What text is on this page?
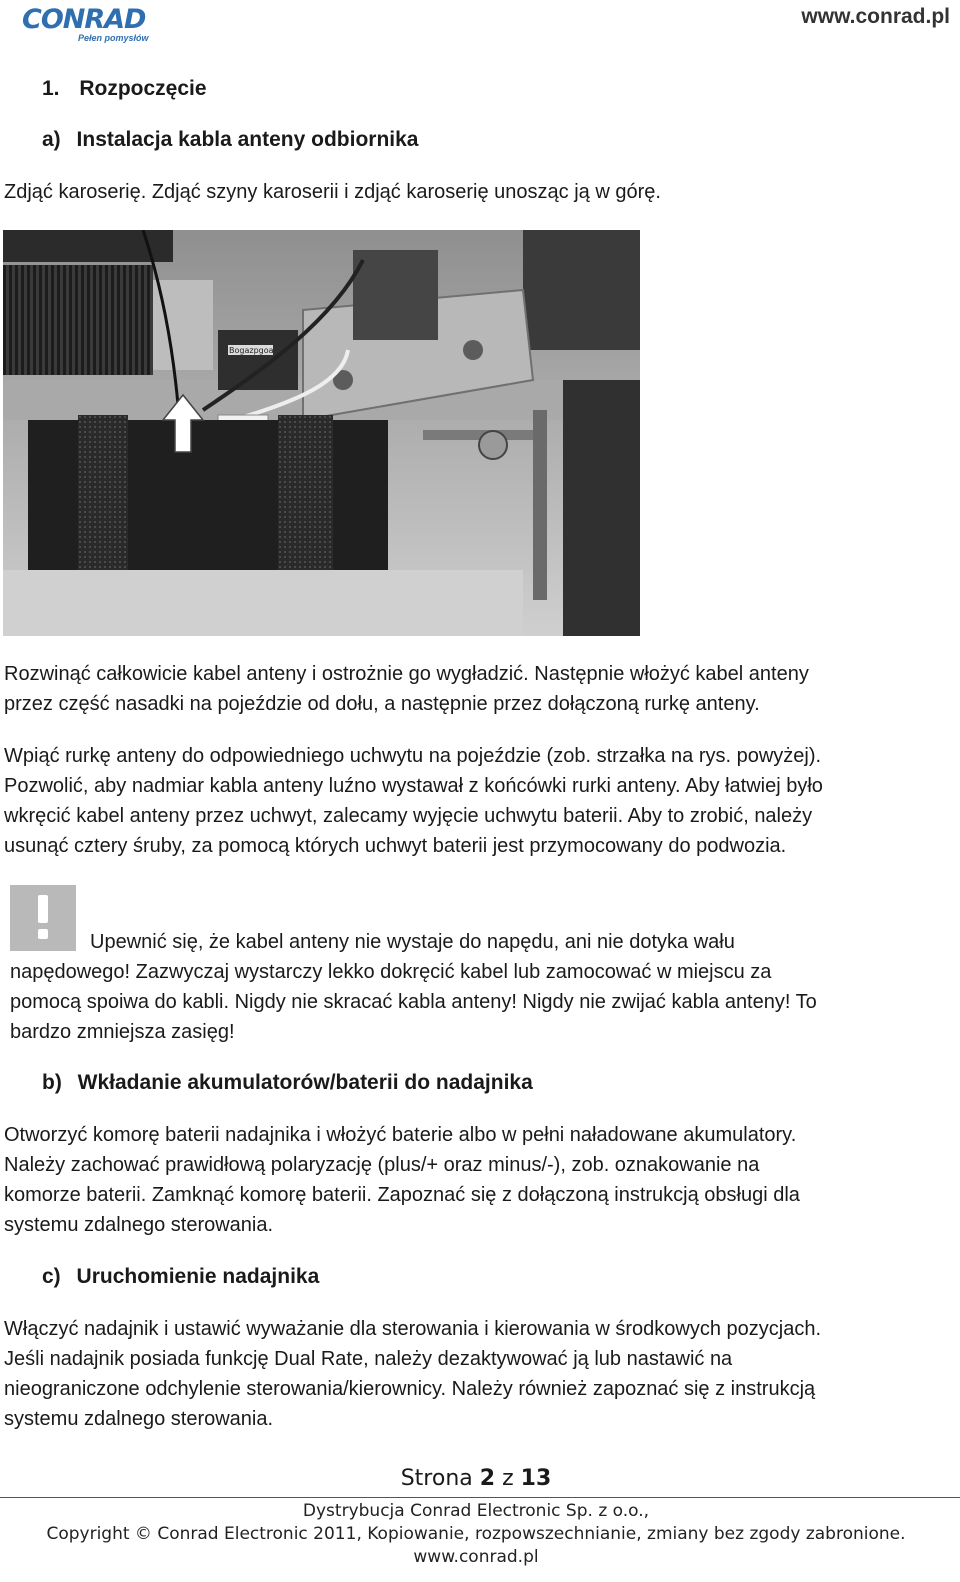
CONRAD
Pełen pomysłów
www.conrad.pl
1. Rozpoczęcie
a) Instalacja kabla anteny odbiornika

Zdjąć karoserię. Zdjąć szyny karoserii i zdjąć karoserię unosząc ją w górę.

Bogazpgoa
Rozwinąć całkowicie kabel anteny i ostrożnie go wygładzić. Następnie włożyć kabel anteny
przez część nasadki na pojeździe od dołu, a następnie przez dołączoną rurkę anteny.
Wpiąć rurkę anteny do odpowiedniego uchwytu na pojeździe (zob. strzałka na rys. powyżej).
Pozwolić, aby nadmiar kabla anteny luźno wystawał z końcówki rurki anteny. Aby łatwiej było
wkręcić kabel anteny przez uchwyt, zalecamy wyjęcie uchwytu baterii. Aby to zrobić, należy
usunąć cztery śruby, za pomocą których uchwyt baterii jest przymocowany do podwozia.
Upewnić się, że kabel anteny nie wystaje do napędu, ani nie dotyka wału
napędowego! Zazwyczaj wystarczy lekko dokręcić kabel lub zamocować w miejscu za
pomocą spoiwa do kabli. Nigdy nie skracać kabla anteny! Nigdy nie zwijać kabla anteny! To
bardzo zmniejsza zasięg!
b) Wkładanie akumulatorów/baterii do nadajnika
Otworzyć komorę baterii nadajnika i włożyć baterie albo w pełni naładowane akumulatory.
Należy zachować prawidłową polaryzację (plus/+ oraz minus/-), zob. oznakowanie na
komorze baterii. Zamknąć komorę baterii. Zapoznać się z dołączoną instrukcją obsługi dla
systemu zdalnego sterowania.
c) Uruchomienie nadajnika
Włączyć nadajnik i ustawić wyważanie dla sterowania i kierowania w środkowych pozycjach.
Jeśli nadajnik posiada funkcję Dual Rate, należy dezaktywować ją lub nastawić na
nieograniczone odchylenie sterowania/kierownicy. Należy również zapoznać się z instrukcją
systemu zdalnego sterowania.
Strona 2 z 13
Dystrybucja Conrad Electronic Sp. z o.o.,
Copyright © Conrad Electronic 2011, Kopiowanie, rozpowszechnianie, zmiany bez zgody zabronione.
www.conrad.pl
